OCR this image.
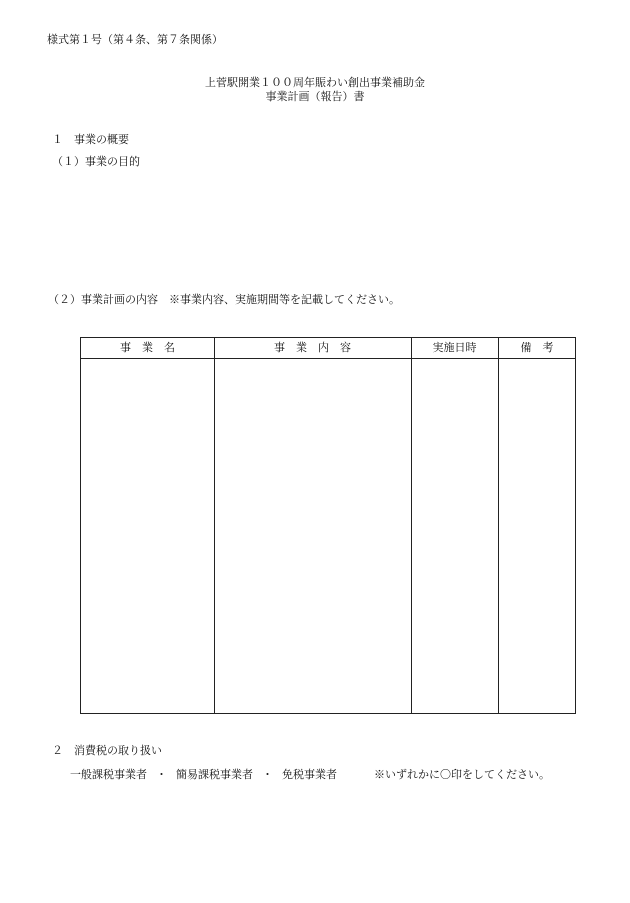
様式第１号（第４条、第７条関係）
上菅駅開業１００周年賑わい創出事業補助金
事業計画（報告）書
１　事業の概要
（１）事業の目的
（２）事業計画の内容　※事業内容、実施期間等を記載してください。
事　業　名	事　業　内　容	実施日時	備　考
２　消費税の取り扱い
一般課税事業者 ・ 簡易課税事業者 ・ 免税事業者	※いずれかに〇印をしてください。
